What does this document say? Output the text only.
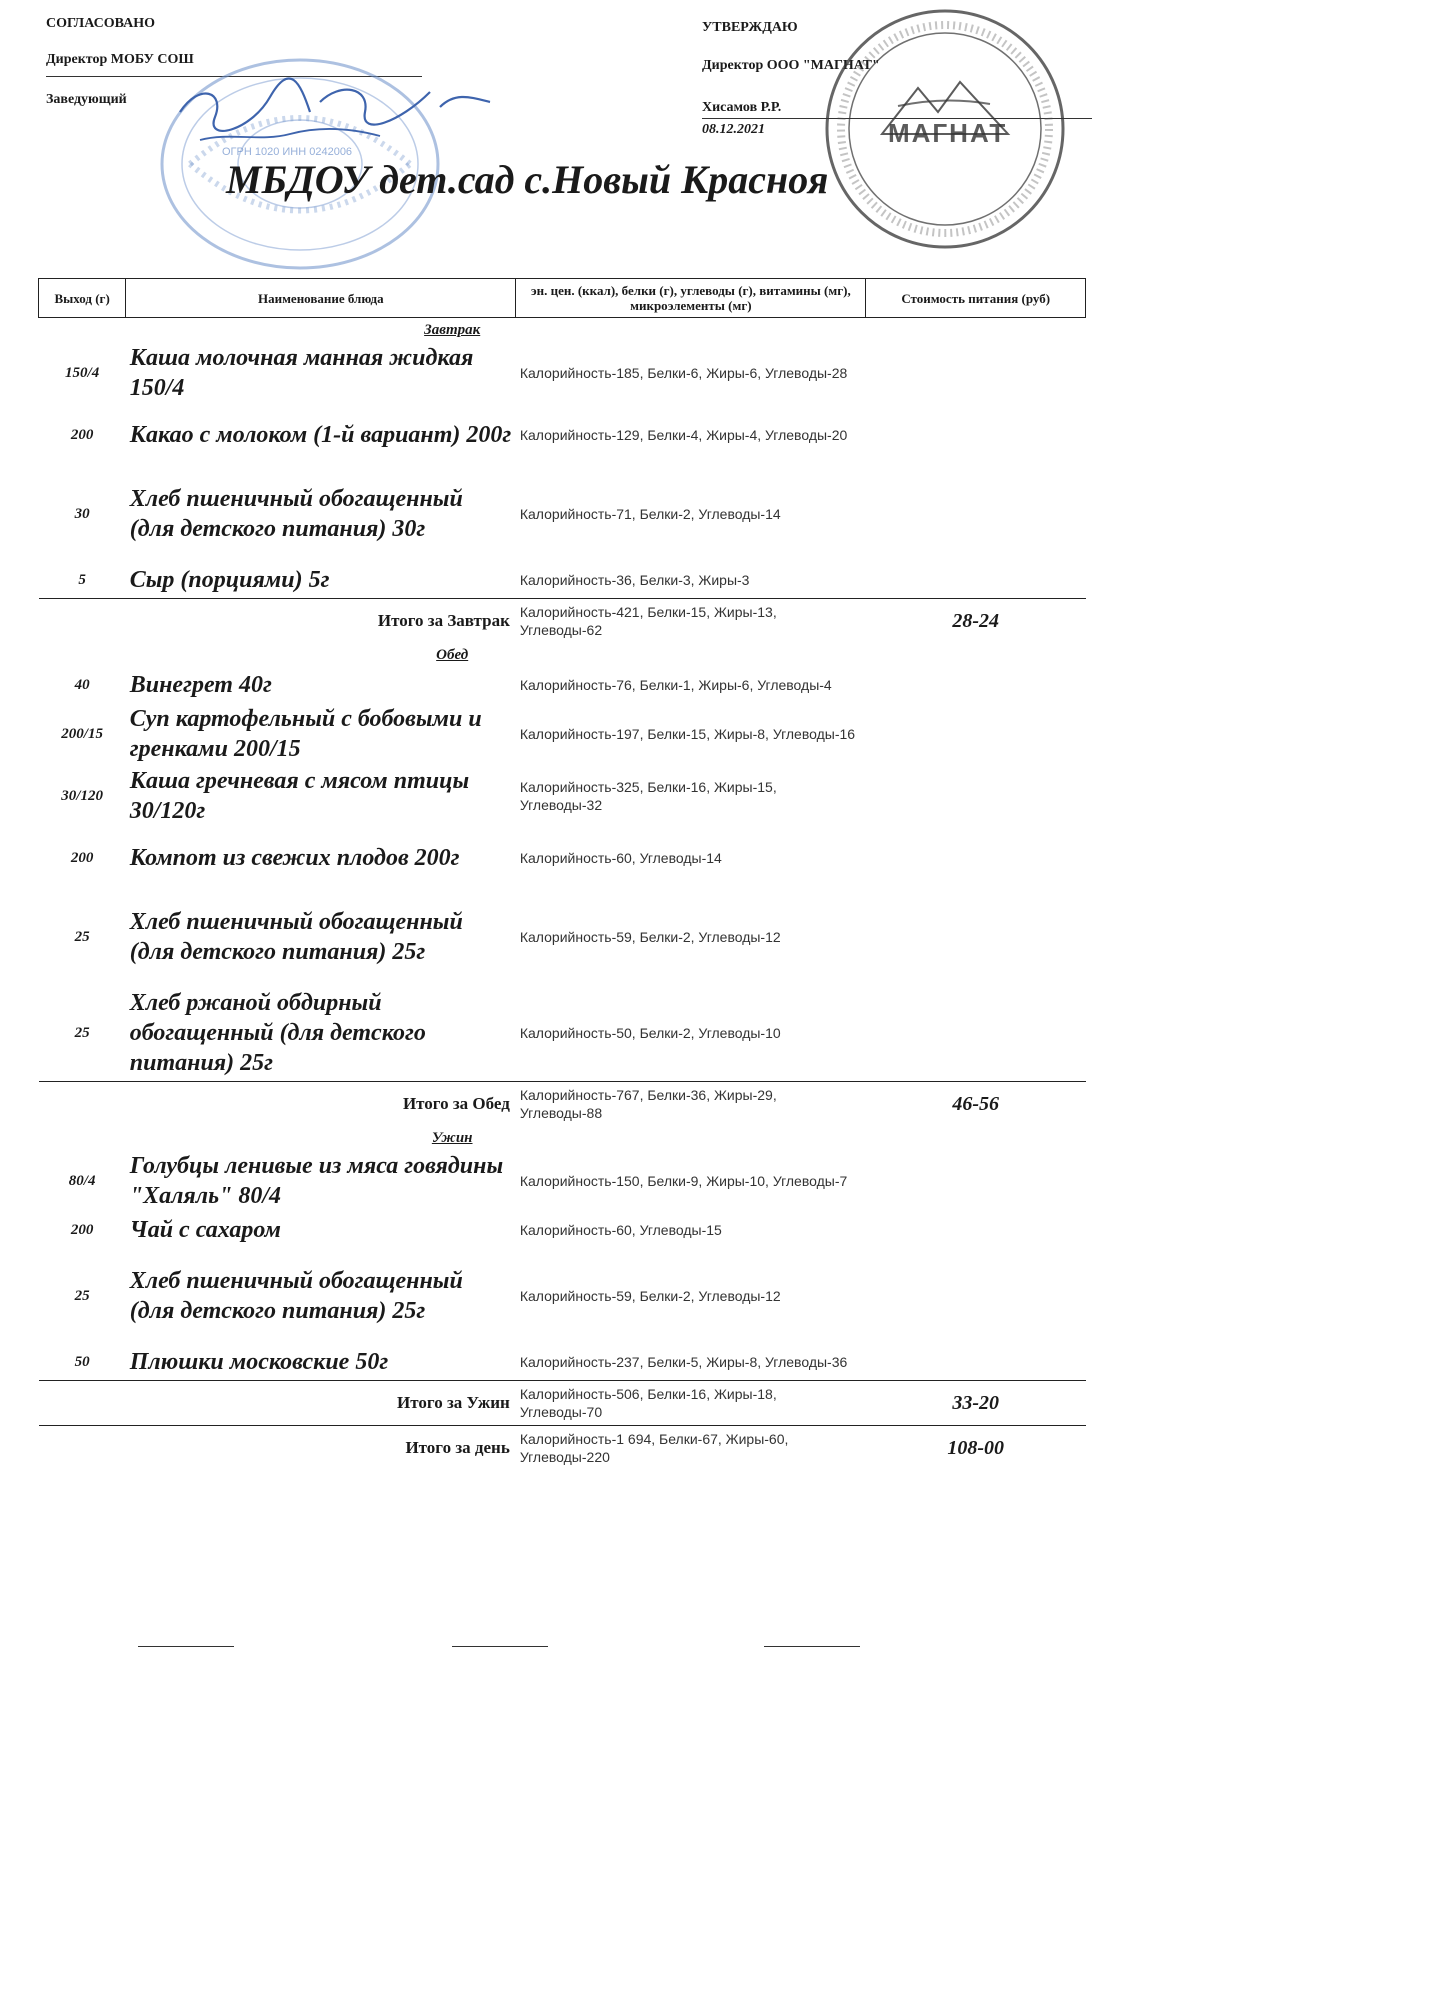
СОГЛАСОВАНО
Директор МОБУ СОШ
Заведующий
УТВЕРЖДАЮ
Директор ООО "МАГНАТ"
Хисамов Р.Р.
08.12.2021
ОГРН 1020 ИНН 0242006
МАГНАТ
МБДОУ дет.сад с.Новый Красноя
Выход (г)	Наименование блюда	эн. цен. (ккал), белки (г), углеводы (г), витамины (мг), микроэлементы (мг)	Стоимость питания (руб)
Завтрак			
150/4	Каша молочная манная жидкая 150/4	Калорийность-185, Белки-6, Жиры-6, Углеводы-28	
200	Какао с молоком (1-й вариант) 200г	Калорийность-129, Белки-4, Жиры-4, Углеводы-20	
30	Хлеб пшеничный обогащенный (для детского питания) 30г	Калорийность-71, Белки-2, Углеводы-14	
5	Сыр (порциями) 5г	Калорийность-36, Белки-3, Жиры-3	
Итого за Завтрак		Калорийность-421, Белки-15, Жиры-13, Углеводы-62	28-24
Обед			
40	Винегрет 40г	Калорийность-76, Белки-1, Жиры-6, Углеводы-4	
200/15	Суп картофельный с бобовыми и гренками 200/15	Калорийность-197, Белки-15, Жиры-8, Углеводы-16	
30/120	Каша гречневая с мясом птицы 30/120г	Калорийность-325, Белки-16, Жиры-15, Углеводы-32	
200	Компот из свежих плодов 200г	Калорийность-60, Углеводы-14	
25	Хлеб пшеничный обогащенный (для детского питания) 25г	Калорийность-59, Белки-2, Углеводы-12	
25	Хлеб ржаной обдирный обогащенный (для детского питания) 25г	Калорийность-50, Белки-2, Углеводы-10	
Итого за Обед		Калорийность-767, Белки-36, Жиры-29, Углеводы-88	46-56
Ужин			
80/4	Голубцы ленивые из мяса говядины "Халяль" 80/4	Калорийность-150, Белки-9, Жиры-10, Углеводы-7	
200	Чай с сахаром	Калорийность-60, Углеводы-15	
25	Хлеб пшеничный обогащенный (для детского питания) 25г	Калорийность-59, Белки-2, Углеводы-12	
50	Плюшки московские 50г	Калорийность-237, Белки-5, Жиры-8, Углеводы-36	
Итого за Ужин		Калорийность-506, Белки-16, Жиры-18, Углеводы-70	33-20
Итого за день		Калорийность-1 694, Белки-67, Жиры-60, Углеводы-220	108-00
